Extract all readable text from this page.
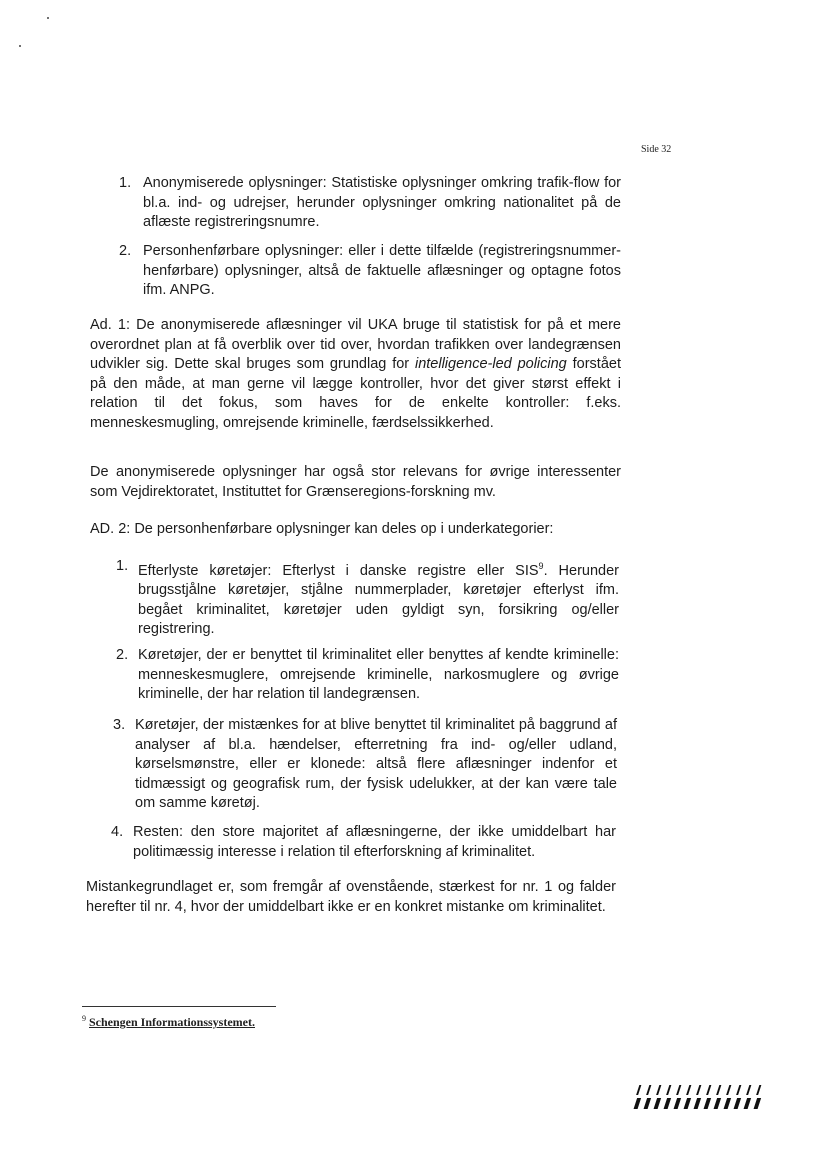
Side 32
1. Anonymiserede oplysninger: Statistiske oplysninger omkring trafik-flow for bl.a. ind- og udrejser, herunder oplysninger omkring nationalitet på de aflæste registreringsnumre.
2. Personhenførbare oplysninger: eller i dette tilfælde (registreringsnummer-henførbare) oplysninger, altså de faktuelle aflæsninger og optagne fotos ifm. ANPG.

Ad. 1: De anonymiserede aflæsninger vil UKA bruge til statistisk for på et mere overordnet plan at få overblik over tid over, hvordan trafikken over landegrænsen udvikler sig. Dette skal bruges som grundlag for intelligence-led policing forstået på den måde, at man gerne vil lægge kontroller, hvor det giver størst effekt i relation til det fokus, som haves for de enkelte kontroller: f.eks. menneskesmugling, omrejsende kriminelle, færdselssikkerhed.

De anonymiserede oplysninger har også stor relevans for øvrige interessenter som Vejdirektoratet, Instituttet for Grænseregions-forskning mv.

AD. 2: De personhenførbare oplysninger kan deles op i underkategorier:

1. Efterlyste køretøjer: Efterlyst i danske registre eller SIS$^9$. Herunder brugsstjålne køretøjer, stjålne nummerplader, køretøjer efterlyst ifm. begået kriminalitet, køretøjer uden gyldigt syn, forsikring og/eller registrering.
2. Køretøjer, der er benyttet til kriminalitet eller benyttes af kendte kriminelle: menneskesmuglere, omrejsende kriminelle, narkosmuglere og øvrige kriminelle, der har relation til landegrænsen.
3. Køretøjer, der mistænkes for at blive benyttet til kriminalitet på baggrund af analyser af bl.a. hændelser, efterretning fra ind- og/eller udland, kørselsmønstre, eller er klonede: altså flere aflæsninger indenfor et tidmæssigt og geografisk rum, der fysisk udelukker, at der kan være tale om samme køretøj.
4. Resten: den store majoritet af aflæsningerne, der ikke umiddelbart har politimæssig interesse i relation til efterforskning af kriminalitet.

Mistankegrundlaget er, som fremgår af ovenstående, stærkest for nr. 1 og falder herefter til nr. 4, hvor der umiddelbart ikke er en konkret mistanke om kriminalitet.

$^9$ Schengen Informationssystemet.
